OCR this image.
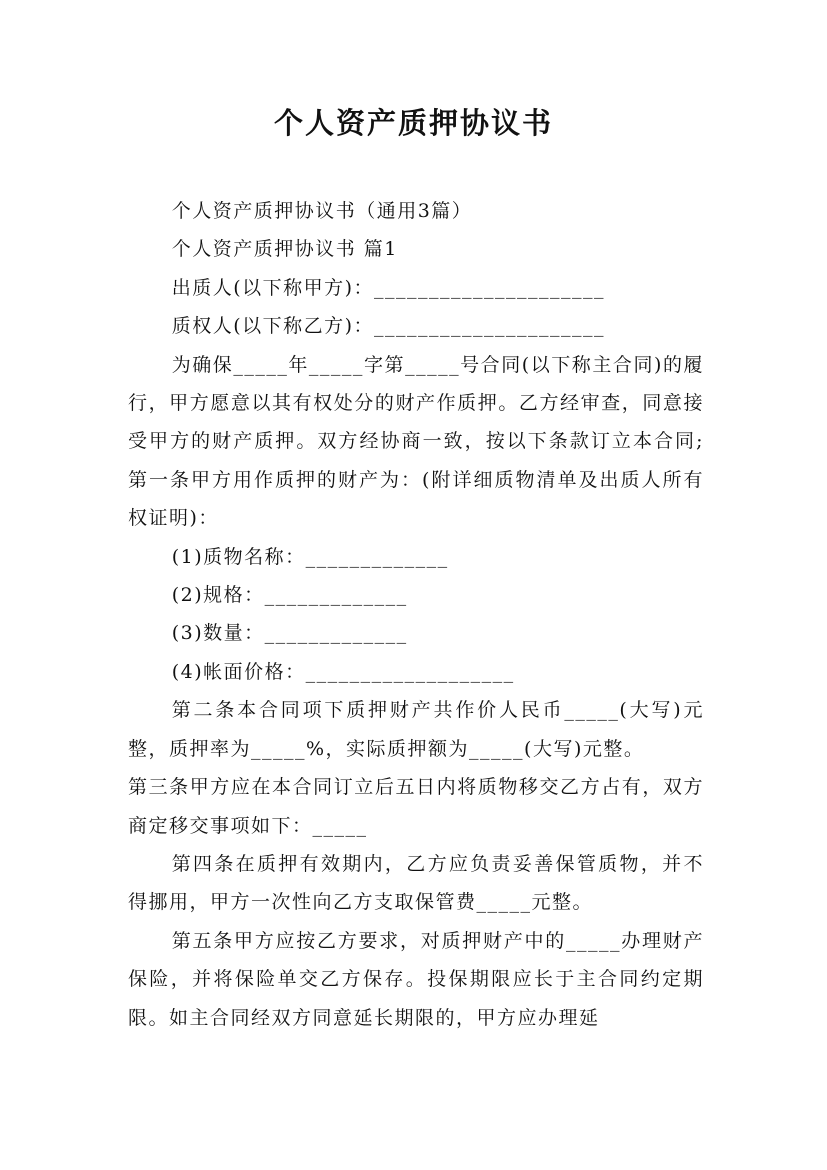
个人资产质押协议书

个人资产质押协议书（通用3篇）

个人资产质押协议书 篇1

出质人(以下称甲方)：_____________________

质权人(以下称乙方)：_____________________

为确保_____年_____字第_____号合同(以下称主合同)的履行，甲方愿意以其有权处分的财产作质押。乙方经审查，同意接受甲方的财产质押。双方经协商一致，按以下条款订立本合同;第一条甲方用作质押的财产为：(附详细质物清单及出质人所有权证明)：

(1)质物名称：_____________

(2)规格：_____________

(3)数量：_____________

(4)帐面价格：___________________

第二条本合同项下质押财产共作价人民币_____(大写)元整，质押率为_____%，实际质押额为_____(大写)元整。

第三条甲方应在本合同订立后五日内将质物移交乙方占有，双方商定移交事项如下：_____

第四条在质押有效期内，乙方应负责妥善保管质物，并不得挪用，甲方一次性向乙方支取保管费_____元整。

第五条甲方应按乙方要求，对质押财产中的_____办理财产保险，并将保险单交乙方保存。投保期限应长于主合同约定期限。如主合同经双方同意延长期限的，甲方应办理延
